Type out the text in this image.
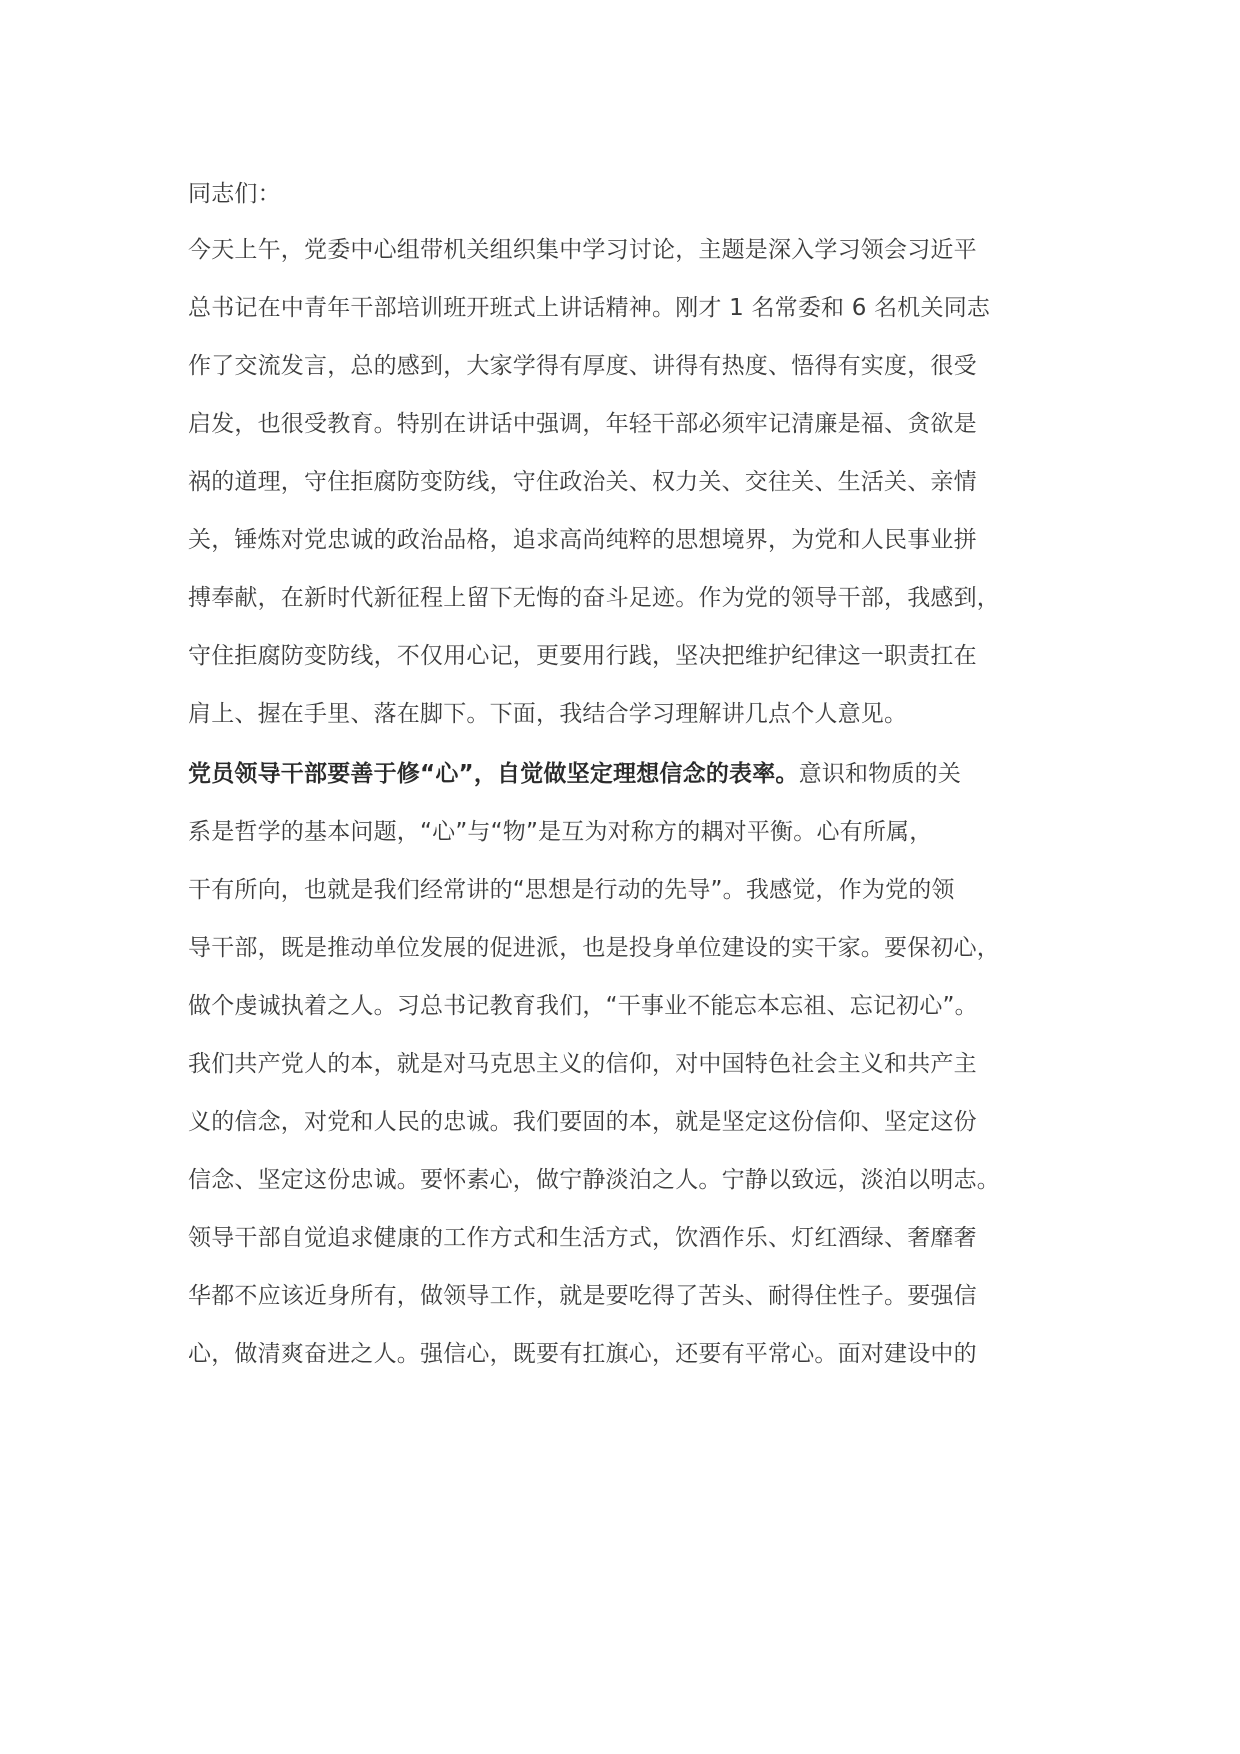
同志们：
今天上午，党委中心组带机关组织集中学习讨论，主题是深入学习领会习近平
总书记在中青年干部培训班开班式上讲话精神。刚才 1 名常委和 6 名机关同志
作了交流发言，总的感到，大家学得有厚度、讲得有热度、悟得有实度，很受
启发，也很受教育。特别在讲话中强调，年轻干部必须牢记清廉是福、贪欲是
祸的道理，守住拒腐防变防线，守住政治关、权力关、交往关、生活关、亲情
关，锤炼对党忠诚的政治品格，追求高尚纯粹的思想境界，为党和人民事业拼
搏奉献，在新时代新征程上留下无悔的奋斗足迹。作为党的领导干部，我感到，
守住拒腐防变防线，不仅用心记，更要用行践，坚决把维护纪律这一职责扛在
肩上、握在手里、落在脚下。下面，我结合学习理解讲几点个人意见。
党员领导干部要善于修“心”，自觉做坚定理想信念的表率。意识和物质的关
系是哲学的基本问题，“心”与“物”是互为对称方的耦对平衡。心有所属，
干有所向，也就是我们经常讲的“思想是行动的先导”。我感觉，作为党的领
导干部，既是推动单位发展的促进派，也是投身单位建设的实干家。要保初心，
做个虔诚执着之人。习总书记教育我们，“干事业不能忘本忘祖、忘记初心”。
我们共产党人的本，就是对马克思主义的信仰，对中国特色社会主义和共产主
义的信念，对党和人民的忠诚。我们要固的本，就是坚定这份信仰、坚定这份
信念、坚定这份忠诚。要怀素心，做宁静淡泊之人。宁静以致远，淡泊以明志。
领导干部自觉追求健康的工作方式和生活方式，饮酒作乐、灯红酒绿、奢靡奢
华都不应该近身所有，做领导工作，就是要吃得了苦头、耐得住性子。要强信
心，做清爽奋进之人。强信心，既要有扛旗心，还要有平常心。面对建设中的
